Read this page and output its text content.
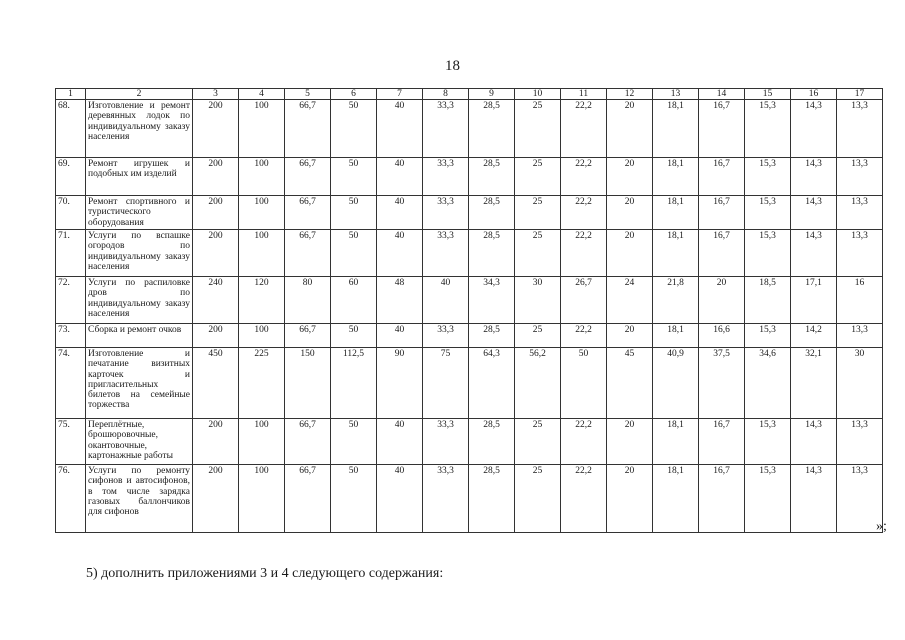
18
1	2	3	4	5	6	7	8	9	10	11	12	13	14	15	16	17
68.	Изготовление и ремонт деревянных лодок по индивидуальному заказу населения	200	100	66,7	50	40	33,3	28,5	25	22,2	20	18,1	16,7	15,3	14,3	13,3
69.	Ремонт игрушек и подобных им изделий	200	100	66,7	50	40	33,3	28,5	25	22,2	20	18,1	16,7	15,3	14,3	13,3
70.	Ремонт спортивного и туристического оборудования	200	100	66,7	50	40	33,3	28,5	25	22,2	20	18,1	16,7	15,3	14,3	13,3
71.	Услуги по вспашке огородов по индивидуальному заказу населения	200	100	66,7	50	40	33,3	28,5	25	22,2	20	18,1	16,7	15,3	14,3	13,3
72.	Услуги по распиловке дров по индивидуальному заказу населения	240	120	80	60	48	40	34,3	30	26,7	24	21,8	20	18,5	17,1	16
73.	Сборка и ремонт очков	200	100	66,7	50	40	33,3	28,5	25	22,2	20	18,1	16,6	15,3	14,2	13,3
74.	Изготовление и печатание визитных карточек и пригласительных билетов на семейные торжества	450	225	150	112,5	90	75	64,3	56,2	50	45	40,9	37,5	34,6	32,1	30
75.	Переплётные, брошюровочные, окантовочные, картонажные работы	200	100	66,7	50	40	33,3	28,5	25	22,2	20	18,1	16,7	15,3	14,3	13,3
76.	Услуги по ремонту сифонов и автосифонов, в том числе зарядка газовых баллончиков для сифонов	200	100	66,7	50	40	33,3	28,5	25	22,2	20	18,1	16,7	15,3	14,3	13,3
»;
5) дополнить приложениями 3 и 4 следующего содержания:
